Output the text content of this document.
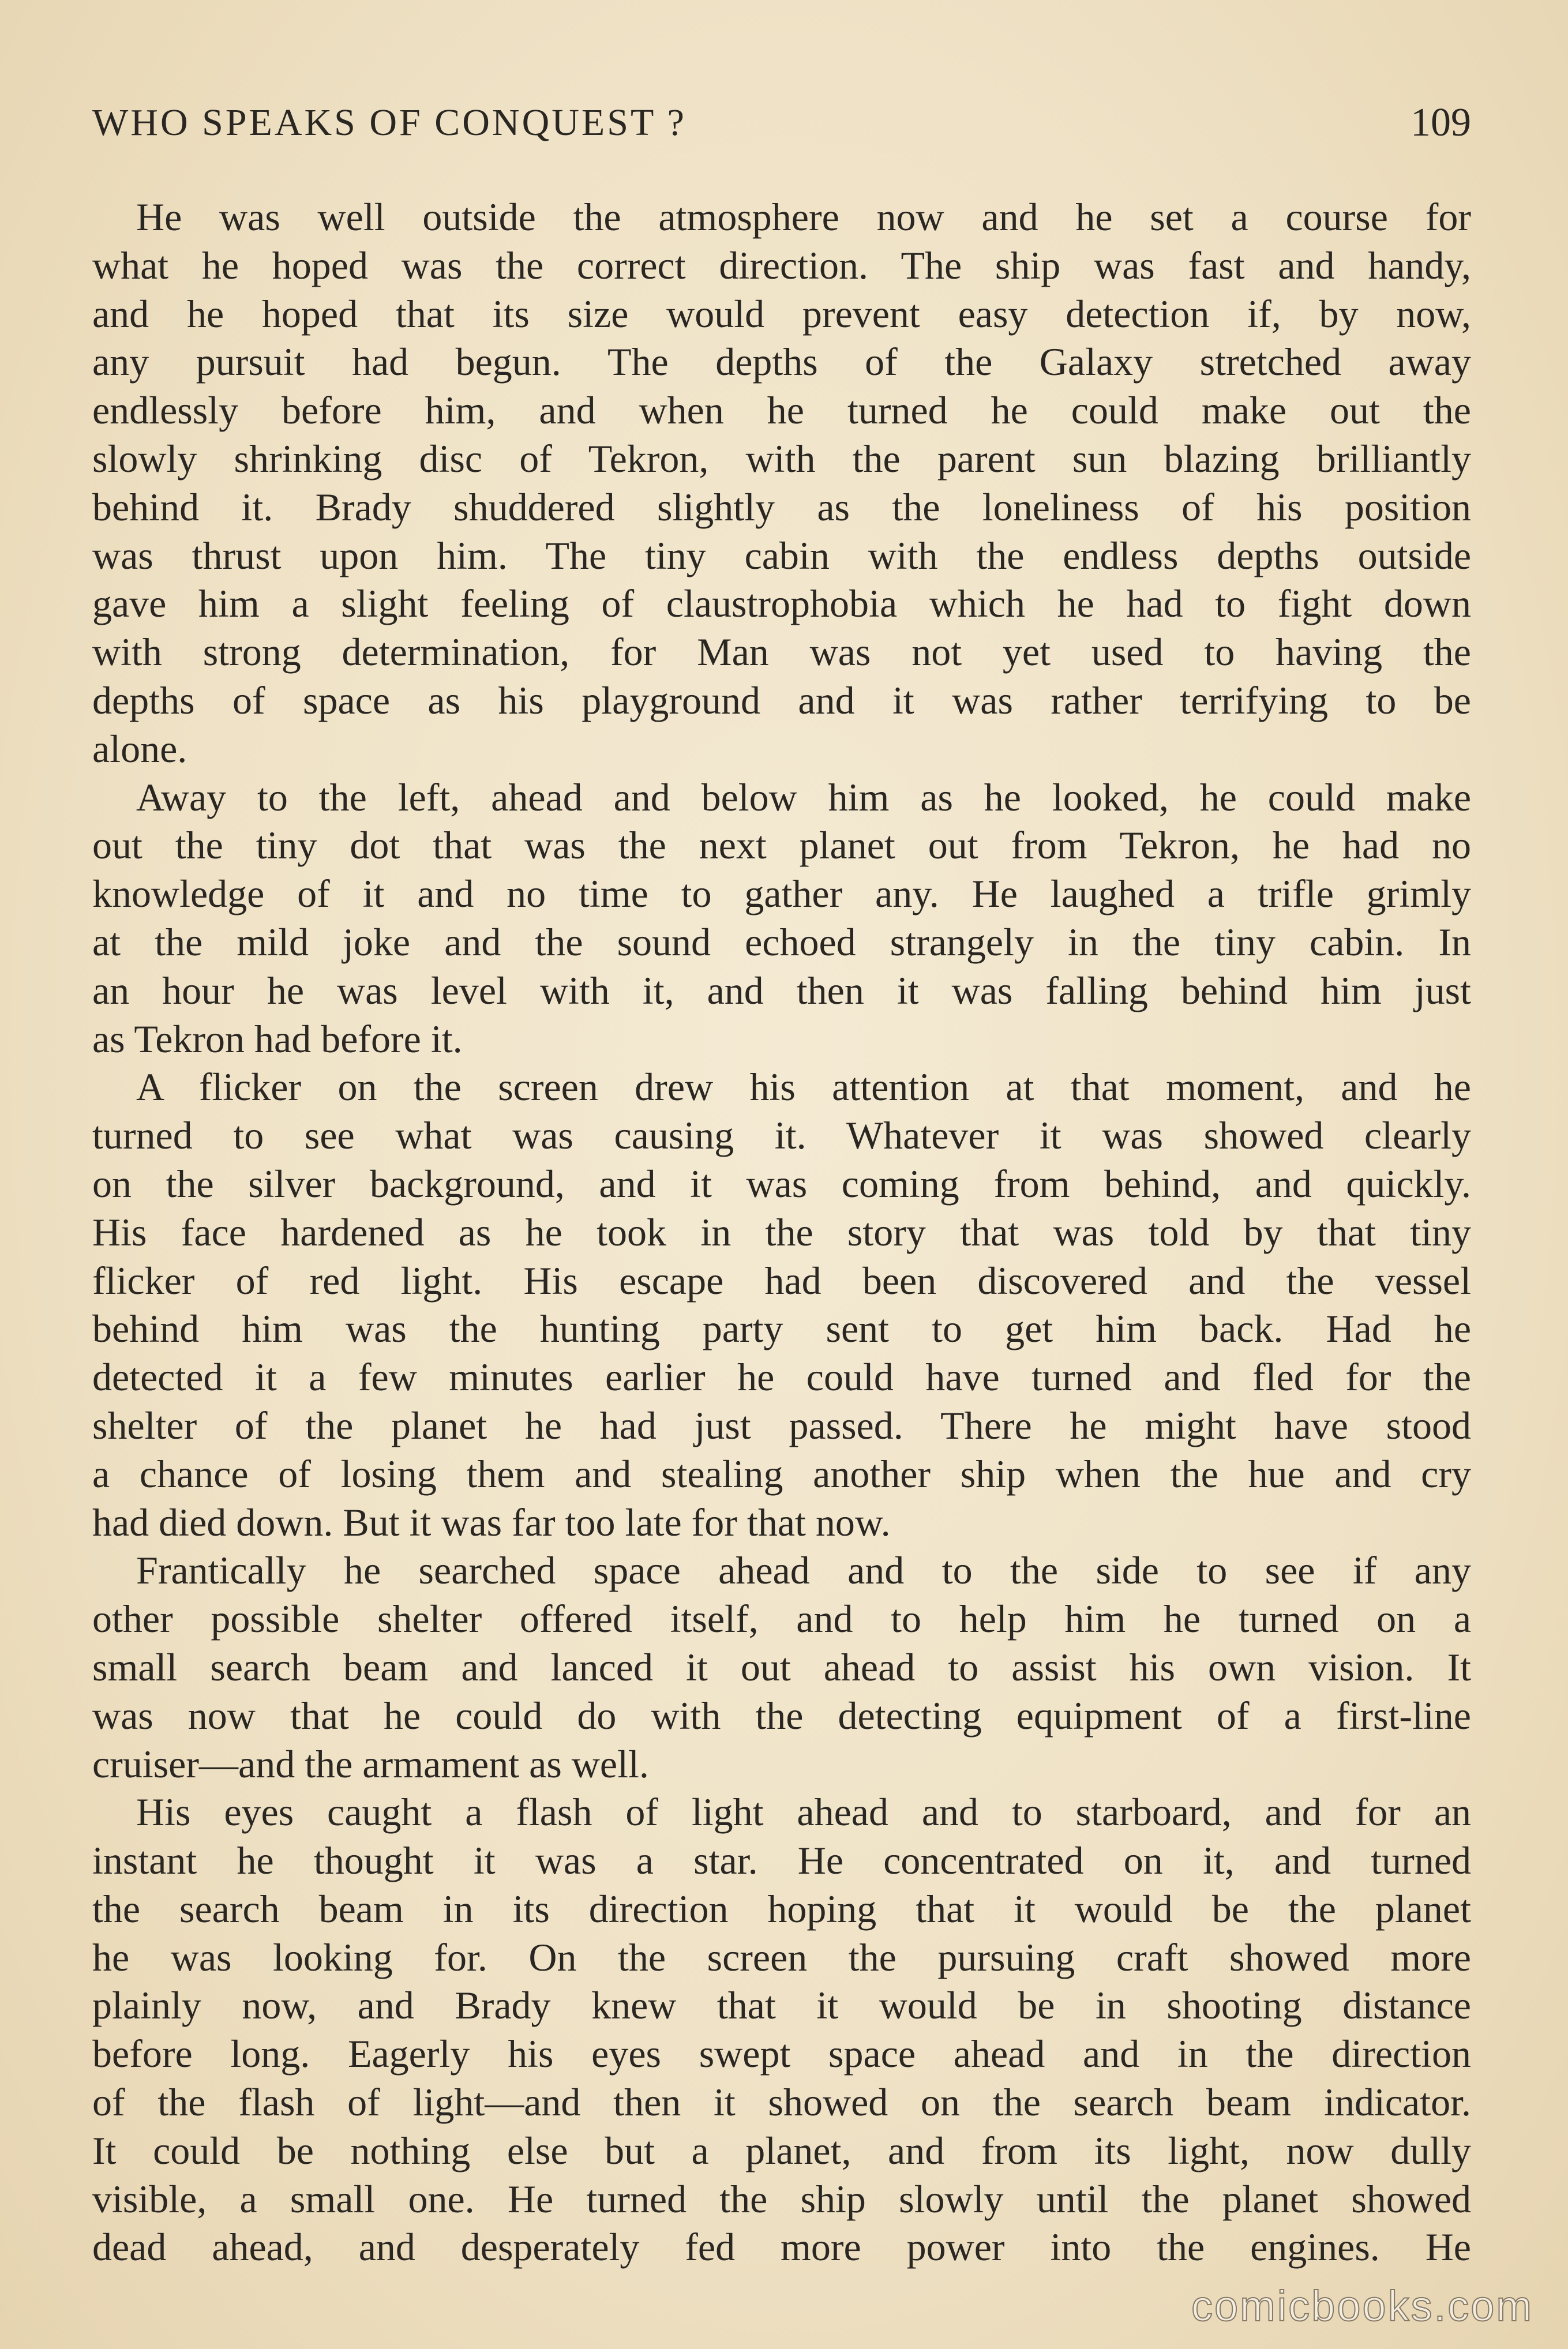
WHO SPEAKS OF CONQUEST ?	109
He was well outside the atmosphere now and he set a course for
what he hoped was the correct direction. The ship was fast and handy,
and he hoped that its size would prevent easy detection if, by now,
any pursuit had begun. The depths of the Galaxy stretched away
endlessly before him, and when he turned he could make out the
slowly shrinking disc of Tekron, with the parent sun blazing brilliantly
behind it. Brady shuddered slightly as the loneliness of his position
was thrust upon him. The tiny cabin with the endless depths outside
gave him a slight feeling of claustrophobia which he had to fight down
with strong determination, for Man was not yet used to having the
depths of space as his playground and it was rather terrifying to be
alone.
Away to the left, ahead and below him as he looked, he could make
out the tiny dot that was the next planet out from Tekron, he had no
knowledge of it and no time to gather any. He laughed a trifle grimly
at the mild joke and the sound echoed strangely in the tiny cabin. In
an hour he was level with it, and then it was falling behind him just
as Tekron had before it.
A flicker on the screen drew his attention at that moment, and he
turned to see what was causing it. Whatever it was showed clearly
on the silver background, and it was coming from behind, and quickly.
His face hardened as he took in the story that was told by that tiny
flicker of red light. His escape had been discovered and the vessel
behind him was the hunting party sent to get him back. Had he
detected it a few minutes earlier he could have turned and fled for the
shelter of the planet he had just passed. There he might have stood
a chance of losing them and stealing another ship when the hue and cry
had died down. But it was far too late for that now.
Frantically he searched space ahead and to the side to see if any
other possible shelter offered itself, and to help him he turned on a
small search beam and lanced it out ahead to assist his own vision. It
was now that he could do with the detecting equipment of a first-line
cruiser—and the armament as well.
His eyes caught a flash of light ahead and to starboard, and for an
instant he thought it was a star. He concentrated on it, and turned
the search beam in its direction hoping that it would be the planet
he was looking for. On the screen the pursuing craft showed more
plainly now, and Brady knew that it would be in shooting distance
before long. Eagerly his eyes swept space ahead and in the direction
of the flash of light—and then it showed on the search beam indicator.
It could be nothing else but a planet, and from its light, now dully
visible, a small one. He turned the ship slowly until the planet showed
dead ahead, and desperately fed more power into the engines. He
comicbooks.com
